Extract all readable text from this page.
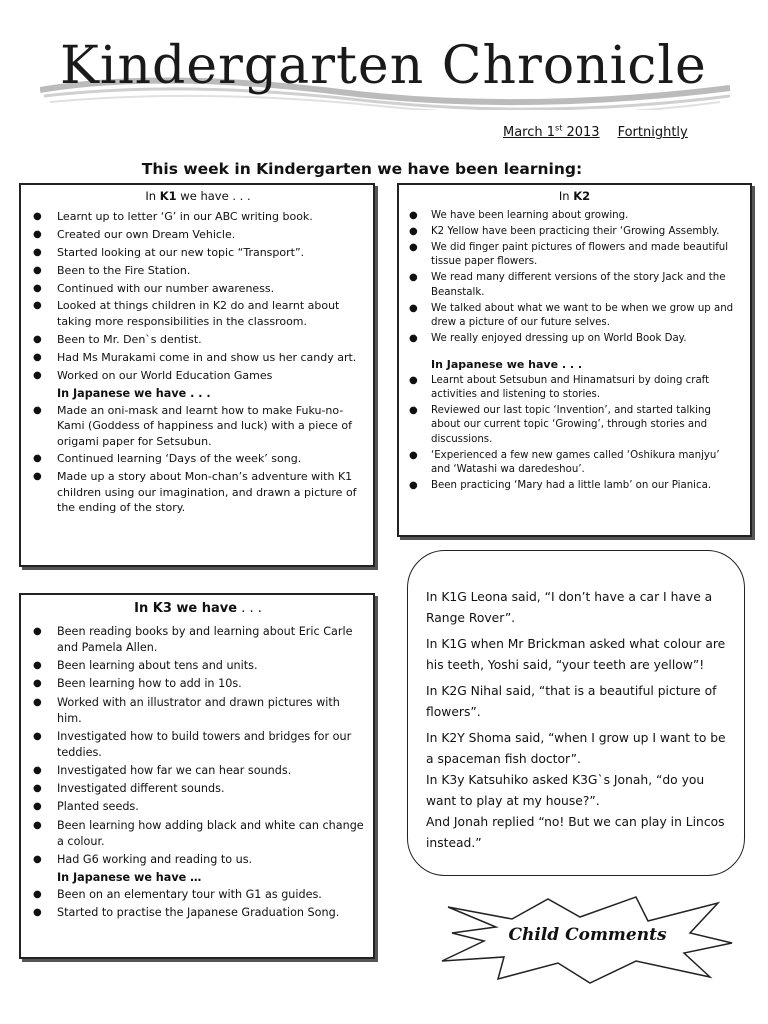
Kindergarten Chronicle
March 1st 2013 Fortnightly
This week in Kindergarten we have been learning:
In K1 we have . . .
● Learnt up to letter ‘G’ in our ABC writing book.
● Created our own Dream Vehicle.
● Started looking at our new topic “Transport”.
● Been to the Fire Station.
● Continued with our number awareness.
● Looked at things children in K2 do and learnt about taking more responsibilities in the classroom.
● Been to Mr. Den`s dentist.
● Had Ms Murakami come in and show us her candy art.
● Worked on our World Education Games
In Japanese we have . . .
● Made an oni-mask and learnt how to make Fuku-no-Kami (Goddess of happiness and luck) with a piece of origami paper for Setsubun.
● Continued learning ‘Days of the week’ song.
● Made up a story about Mon-chan’s adventure with K1 children using our imagination, and drawn a picture of the ending of the story.
In K2
● We have been learning about growing.
● K2 Yellow have been practicing their ‘Growing Assembly.
● We did finger paint pictures of flowers and made beautiful tissue paper flowers.
● We read many different versions of the story Jack and the Beanstalk.
● We talked about what we want to be when we grow up and drew a picture of our future selves.
● We really enjoyed dressing up on World Book Day.
In Japanese we have . . .
● Learnt about Setsubun and Hinamatsuri by doing craft activities and listening to stories.
● Reviewed our last topic ‘Invention’, and started talking about our current topic ‘Growing’, through stories and discussions.
● ‘Experienced a few new games called ‘Oshikura manjyu’ and ‘Watashi wa daredeshou’.
● Been practicing ‘Mary had a little lamb’ on our Pianica.
In K3 we have . . .
● Been reading books by and learning about Eric Carle and Pamela Allen.
● Been learning about tens and units.
● Been learning how to add in 10s.
● Worked with an illustrator and drawn pictures with him.
● Investigated how to build towers and bridges for our teddies.
● Investigated how far we can hear sounds.
● Investigated different sounds.
● Planted seeds.
● Been learning how adding black and white can change a colour.
● Had G6 working and reading to us.
In Japanese we have …
● Been on an elementary tour with G1 as guides.
● Started to practise the Japanese Graduation Song.

In K1G Leona said, “I don’t have a car I have a Range Rover”.

In K1G when Mr Brickman asked what colour are his teeth, Yoshi said, “your teeth are yellow”!

In K2G Nihal said, “that is a beautiful picture of flowers”.

In K2Y Shoma said, “when I grow up I want to be a spaceman fish doctor”.

In K3y Katsuhiko asked K3G`s Jonah, “do you want to play at my house?”.

And Jonah replied “no! But we can play in Lincos instead.”

Child Comments
